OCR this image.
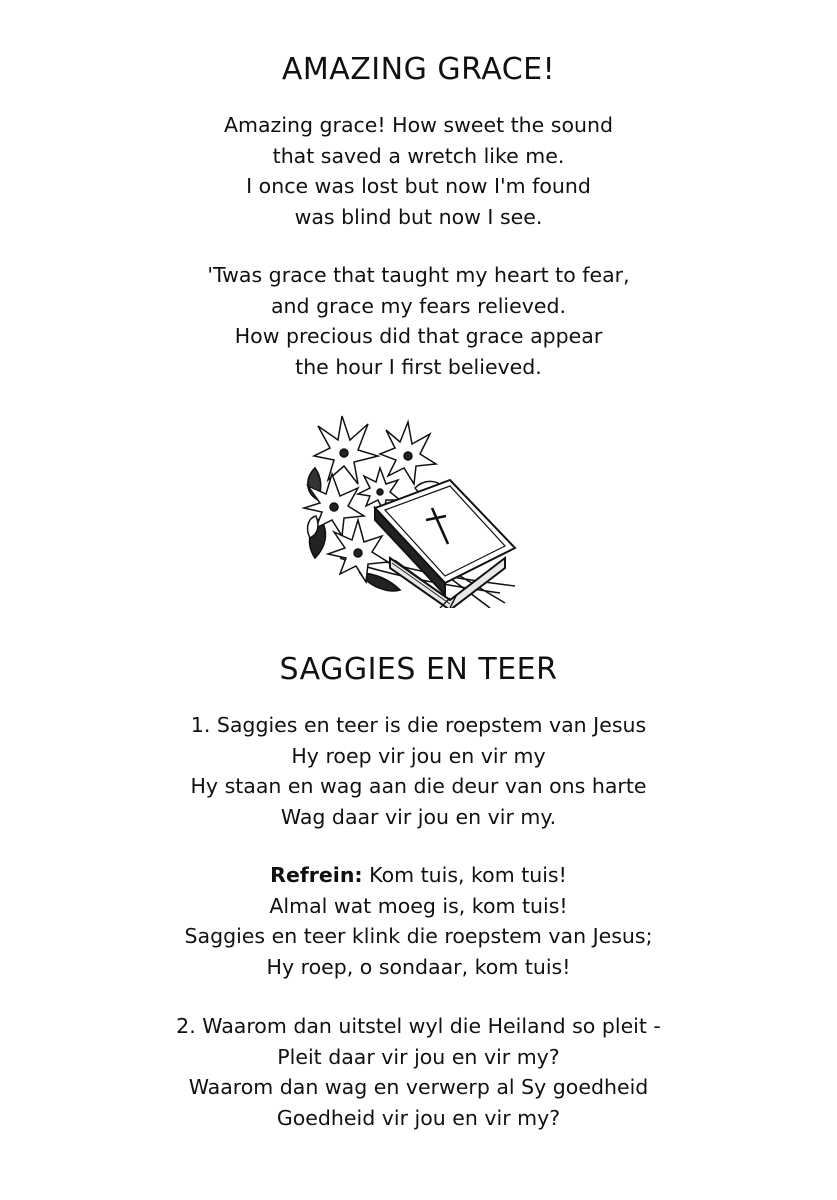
AMAZING GRACE!
Amazing grace! How sweet the sound
that saved a wretch like me.
I once was lost but now I'm found
was blind but now I see.
'Twas grace that taught my heart to fear,
and grace my fears relieved.
How precious did that grace appear
the hour I first believed.
SAGGIES EN TEER
1. Saggies en teer is die roepstem van Jesus
Hy roep vir jou en vir my
Hy staan en wag aan die deur van ons harte
Wag daar vir jou en vir my.
Refrein: Kom tuis, kom tuis!
Almal wat moeg is, kom tuis!
Saggies en teer klink die roepstem van Jesus;
Hy roep, o sondaar, kom tuis!
2. Waarom dan uitstel wyl die Heiland so pleit -
Pleit daar vir jou en vir my?
Waarom dan wag en verwerp al Sy goedheid
Goedheid vir jou en vir my?
